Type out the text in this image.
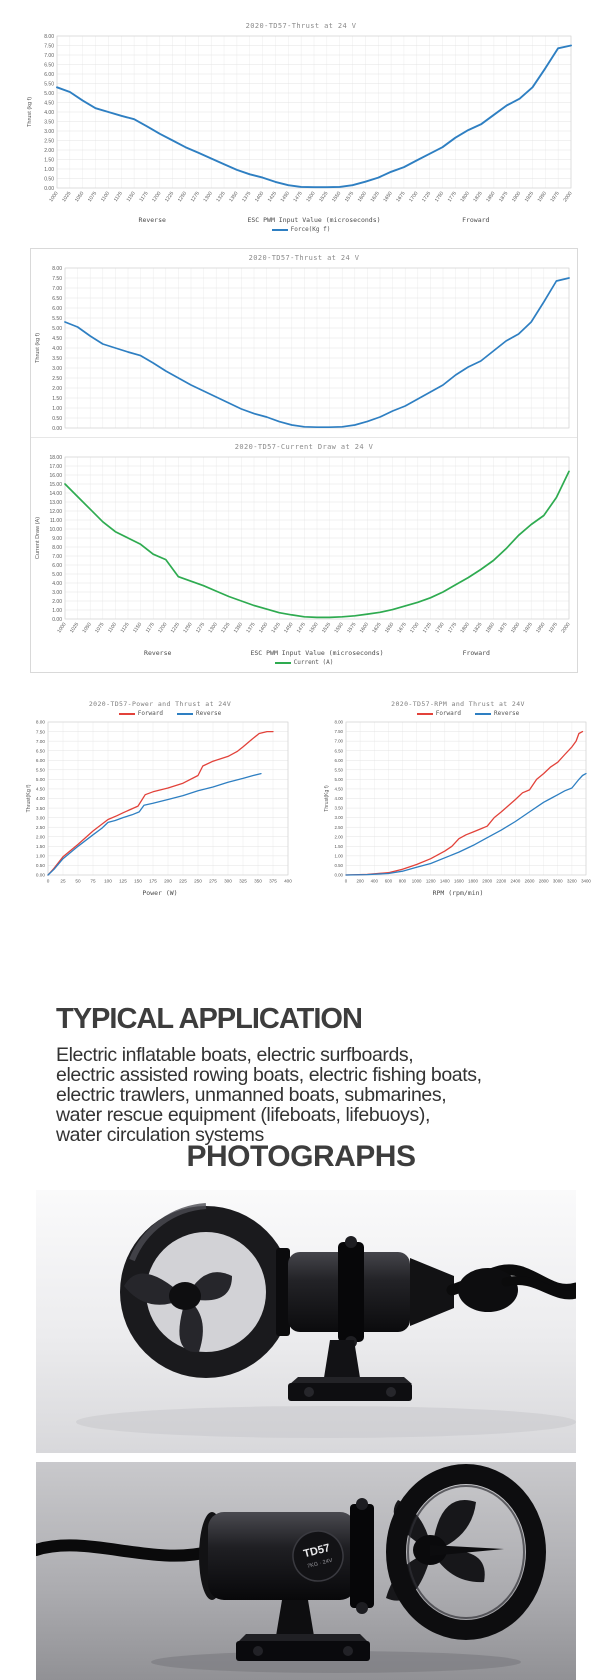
2020-TD57-Thrust at 24 V
0.00
0.50
1.00
1.50
2.00
2.50
3.00
3.50
4.00
4.50
5.00
5.50
6.00
6.50
7.00
7.50
8.00
1000 1025 1050 1075 1100 1125 1150 1175 1200 1225 1250 1275 1300 1325 1350 1375 1400 1425 1450 1475 1500 1525 1550 1575 1600 1625 1650 1675 1700 1725 1750 1775 1800 1825 1850 1875 1900 1925 1950 1975 2000
Thrust (kg f)
Reverse	ESC PWM Input Value (microseconds)	Froward
Force(Kg f)
2020-TD57-Thrust at 24 V
0.00
0.50
1.00
1.50
2.00
2.50
3.00
3.50
4.00
4.50
5.00
5.50
6.00
6.50
7.00
7.50
8.00
Thrust (kg f)
2020-TD57-Current Draw at 24 V
0.00
1.00
2.00
3.00
4.00
5.00
6.00
7.00
8.00
9.00
10.00
11.00
12.00
13.00
14.00
15.00
16.00
17.00
18.00
1000 1025 1050 1075 1100 1125 1150 1175 1200 1225 1250 1275 1300 1325 1350 1375 1400 1425 1450 1475 1500 1525 1550 1575 1600 1625 1650 1675 1700 1725 1750 1775 1800 1825 1850 1875 1900 1925 1950 1975 2000
Current Draw (A)
Reverse	ESC PWM Input Value (microseconds)	Froward
Current (A)
2020-TD57-Power and Thrust at 24V
Forward	Reverse
0.00
0.50
1.00
1.50
2.00
2.50
3.00
3.50
4.00
4.50
5.00
5.50
6.00
6.50
7.00
7.50
8.00
0 25 50 75 100 125 150 175 200 225 250 275 300 325 350 375 400
Thrust(Kg f)
Power (W)
2020-TD57-RPM and Thrust at 24V
Forward	Reverse
0.00
0.50
1.00
1.50
2.00
2.50
3.00
3.50
4.00
4.50
5.00
5.50
6.00
6.50
7.00
7.50
8.00
0 200 400 600 800 1000 1200 1400 1600 1800 2000 2200 2400 2600 2800 3000 3200 3400
Thrust(Kg f)
RPM (rpm/min)
TYPICAL APPLICATION
Electric inflatable boats, electric surfboards,
electric assisted rowing boats, electric fishing boats,
electric trawlers, unmanned boats, submarines,
water rescue equipment (lifeboats, lifebuoys),
water circulation systems
PHOTOGRAPHS
TD57
7KG · 24V
